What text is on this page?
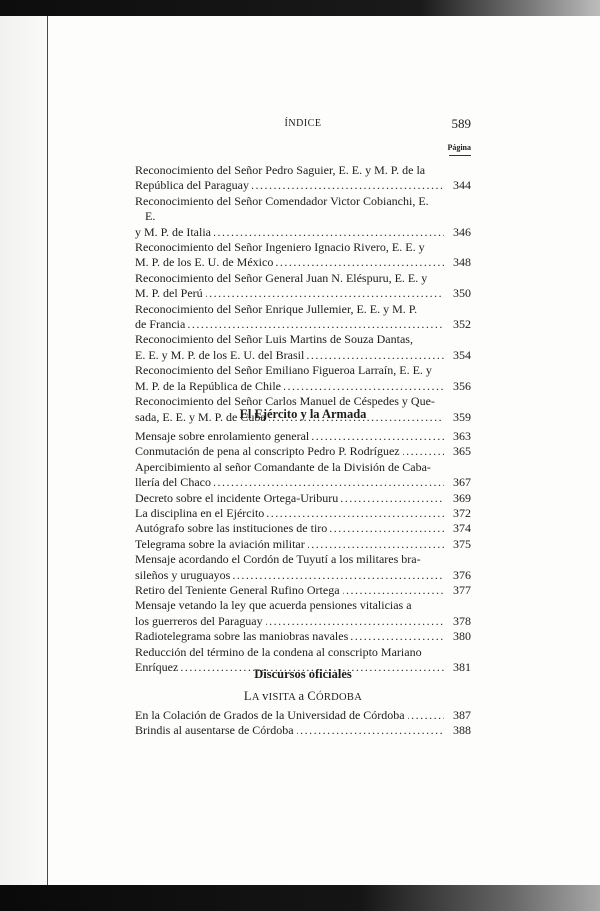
ÍNDICE	589
Página
Reconocimiento del Señor Pedro Saguier, E. E. y M. P. de la
República del Paraguay .....	344
Reconocimiento del Señor Comendador Victor Cobianchi, E. E.
y M. P. de Italia .....	346
Reconocimiento del Señor Ingeniero Ignacio Rivero, E. E. y
M. P. de los E. U. de México .....	348
Reconocimiento del Señor General Juan N. Eléspuru, E. E. y
M. P. del Perú .....	350
Reconocimiento del Señor Enrique Jullemier, E. E. y M. P.
de Francia .....	352
Reconocimiento del Señor Luis Martins de Souza Dantas,
E. E. y M. P. de los E. U. del Brasil .....	354
Reconocimiento del Señor Emiliano Figueroa Larraín, E. E. y
M. P. de la República de Chile .....	356
Reconocimiento del Señor Carlos Manuel de Céspedes y Que-
sada, E. E. y M. P. de Cuba .....	359
El Ejército y la Armada
Mensaje sobre enrolamiento general .....	363
Conmutación de pena al conscripto Pedro P. Rodríguez .....	365
Apercibimiento al señor Comandante de la División de Caba-
llería del Chaco .....	367
Decreto sobre el incidente Ortega-Uriburu .....	369
La disciplina en el Ejército .....	372
Autógrafo sobre las instituciones de tiro .....	374
Telegrama sobre la aviación militar .....	375
Mensaje acordando el Cordón de Tuyutí a los militares bra-
sileños y uruguayos .....	376
Retiro del Teniente General Rufino Ortega .....	377
Mensaje vetando la ley que acuerda pensiones vitalicias a
los guerreros del Paraguay .....	378
Radiotelegrama sobre las maniobras navales .....	380
Reducción del término de la condena al conscripto Mariano
Enríquez .....	381
Discursos oficiales
LA vISITA a CÓRDOBA
En la Colación de Grados de la Universidad de Córdoba .....	387
Brindis al ausentarse de Córdoba .....	388
